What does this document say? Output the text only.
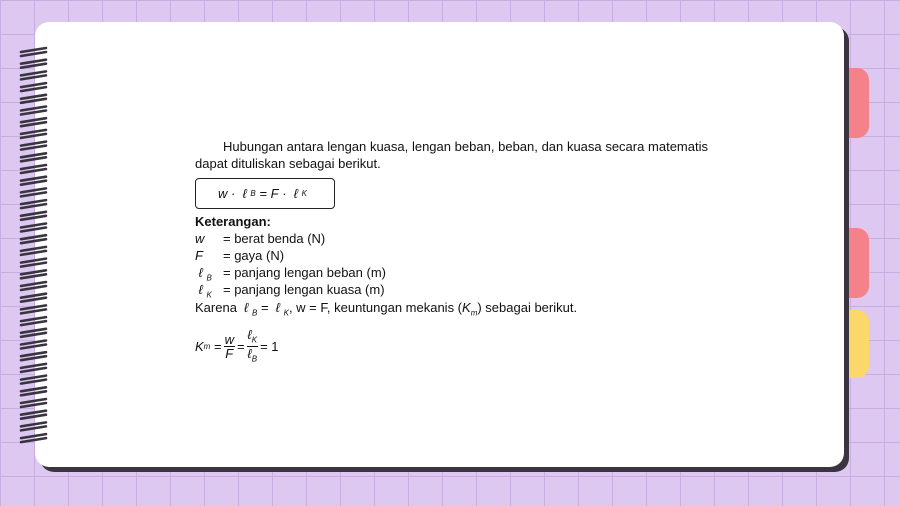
Hubungan antara lengan kuasa, lengan beban, beban, dan kuasa secara matematis dapat dituliskan sebagai berikut.

w
·
ℓ
B
=
F
·
ℓ
K
Keterangan:
w	= berat benda (N)
F	= gaya (N)
ℓ $_B$ = panjang lengan beban (m)
ℓ $_K$ = panjang lengan kuasa (m)
Karena ℓ $_B$ = ℓ $_K$, w = F, keuntungan mekanis $(K_m)$ sebagai berikut.
K m
= $\frac{w}{F} = \frac{\ell_K}{\ell_B} = 1$
